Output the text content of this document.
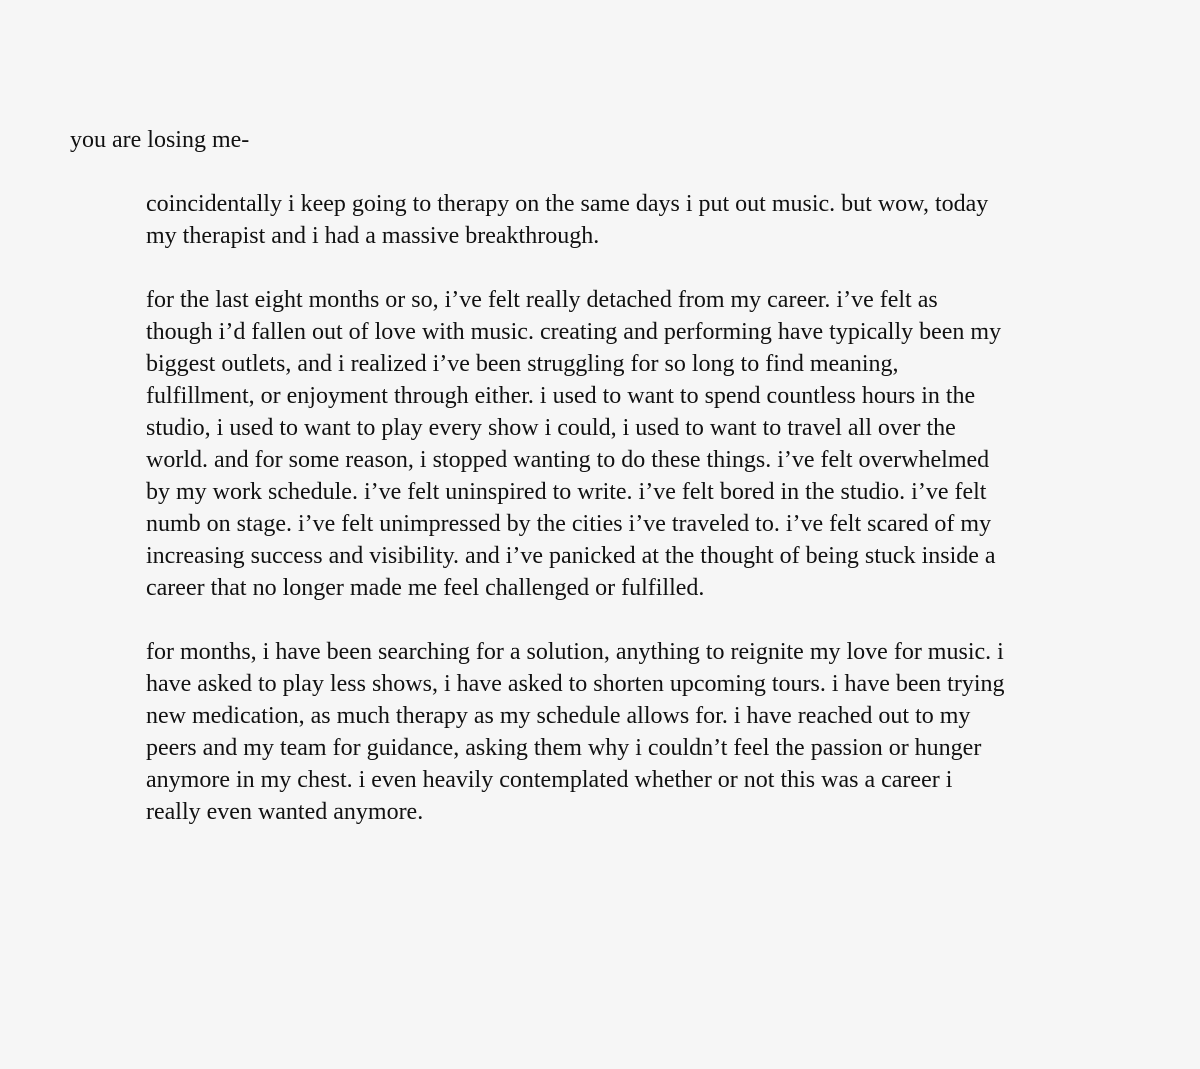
you are losing me-

coincidentally i keep going to therapy on the same days i put out music. but wow, today
my therapist and i had a massive breakthrough.

for the last eight months or so, i’ve felt really detached from my career. i’ve felt as
though i’d fallen out of love with music. creating and performing have typically been my
biggest outlets, and i realized i’ve been struggling for so long to find meaning,
fulfillment, or enjoyment through either. i used to want to spend countless hours in the
studio, i used to want to play every show i could, i used to want to travel all over the
world. and for some reason, i stopped wanting to do these things. i’ve felt overwhelmed
by my work schedule. i’ve felt uninspired to write. i’ve felt bored in the studio. i’ve felt
numb on stage. i’ve felt unimpressed by the cities i’ve traveled to. i’ve felt scared of my
increasing success and visibility. and i’ve panicked at the thought of being stuck inside a
career that no longer made me feel challenged or fulfilled.

for months, i have been searching for a solution, anything to reignite my love for music. i
have asked to play less shows, i have asked to shorten upcoming tours. i have been trying
new medication, as much therapy as my schedule allows for. i have reached out to my
peers and my team for guidance, asking them why i couldn’t feel the passion or hunger
anymore in my chest. i even heavily contemplated whether or not this was a career i
really even wanted anymore.
